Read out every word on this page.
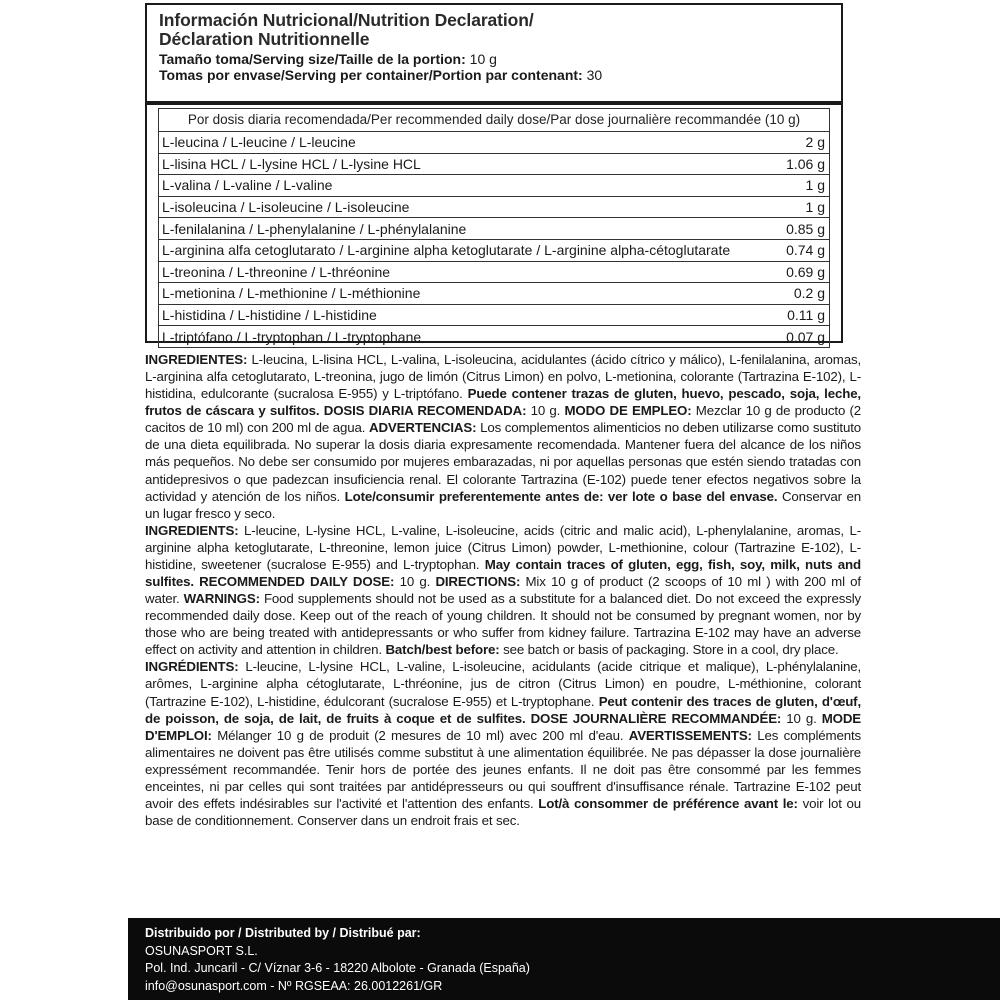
Información Nutricional/Nutrition Declaration/
Déclaration Nutritionnelle
Tamaño toma/Serving size/Taille de la portion: 10 g
Tomas por envase/Serving per container/Portion par contenant: 30
Por dosis diaria recomendada/Per recommended daily dose/Par dose journalière recommandée (10 g)
L-leucina / L-leucine / L-leucine	2 g
L-lisina HCL / L-lysine HCL / L-lysine HCL	1.06 g
L-valina / L-valine / L-valine	1 g
L-isoleucina / L-isoleucine / L-isoleucine	1 g
L-fenilalanina / L-phenylalanine / L-phénylalanine	0.85 g
L-arginina alfa cetoglutarato / L-arginine alpha ketoglutarate / L-arginine alpha-cétoglutarate	0.74 g
L-treonina / L-threonine / L-thréonine	0.69 g
L-metionina / L-methionine / L-méthionine	0.2 g
L-histidina / L-histidine / L-histidine	0.11 g
L-triptófano / L-tryptophan / L-tryptophane	0.07 g

INGREDIENTES: L-leucina, L-lisina HCL, L-valina, L-isoleucina, acidulantes (ácido cítrico y málico), L-fenilalanina, aromas, L-arginina alfa cetoglutarato, L-treonina, jugo de limón (Citrus Limon) en polvo, L-metionina, colorante (Tartrazina E-102), L-histidina, edulcorante (sucralosa E-955) y L-triptófano. Puede contener trazas de gluten, huevo, pescado, soja, leche, frutos de cáscara y sulfitos. DOSIS DIARIA RECOMENDADA: 10 g. MODO DE EMPLEO: Mezclar 10 g de producto (2 cacitos de 10 ml) con 200 ml de agua. ADVERTENCIAS: Los complementos alimenticios no deben utilizarse como sustituto de una dieta equilibrada. No superar la dosis diaria expresamente recomendada. Mantener fuera del alcance de los niños más pequeños. No debe ser consumido por mujeres embarazadas, ni por aquellas personas que estén siendo tratadas con antidepresivos o que padezcan insuficiencia renal. El colorante Tartrazina (E-102) puede tener efectos negativos sobre la actividad y atención de los niños. Lote/consumir preferentemente antes de: ver lote o base del envase. Conservar en un lugar fresco y seco.

INGREDIENTS: L-leucine, L-lysine HCL, L-valine, L-isoleucine, acids (citric and malic acid), L-phenylalanine, aromas, L-arginine alpha ketoglutarate, L-threonine, lemon juice (Citrus Limon) powder, L-methionine, colour (Tartrazine E-102), L-histidine, sweetener (sucralose E-955) and L-tryptophan. May contain traces of gluten, egg, fish, soy, milk, nuts and sulfites. RECOMMENDED DAILY DOSE: 10 g. DIRECTIONS: Mix 10 g of product (2 scoops of 10 ml ) with 200 ml of water. WARNINGS: Food supplements should not be used as a substitute for a balanced diet. Do not exceed the expressly recommended daily dose. Keep out of the reach of young children. It should not be consumed by pregnant women, nor by those who are being treated with antidepressants or who suffer from kidney failure. Tartrazina E-102 may have an adverse effect on activity and attention in children. Batch/best before: see batch or basis of packaging. Store in a cool, dry place.

INGRÉDIENTS: L-leucine, L-lysine HCL, L-valine, L-isoleucine, acidulants (acide citrique et malique), L-phénylalanine, arômes, L-arginine alpha cétoglutarate, L-thréonine, jus de citron (Citrus Limon) en poudre, L-méthionine, colorant (Tartrazine E-102), L-histidine, édulcorant (sucralose E-955) et L-tryptophane. Peut contenir des traces de gluten, d'œuf, de poisson, de soja, de lait, de fruits à coque et de sulfites. DOSE JOURNALIÈRE RECOMMANDÉE: 10 g. MODE D'EMPLOI: Mélanger 10 g de produit (2 mesures de 10 ml) avec 200 ml d'eau. AVERTISSEMENTS: Les compléments alimentaires ne doivent pas être utilisés comme substitut à une alimentation équilibrée. Ne pas dépasser la dose journalière expressément recommandée. Tenir hors de portée des jeunes enfants. Il ne doit pas être consommé par les femmes enceintes, ni par celles qui sont traitées par antidépresseurs ou qui souffrent d'insuffisance rénale. Tartrazine E-102 peut avoir des effets indésirables sur l'activité et l'attention des enfants. Lot/à consommer de préférence avant le: voir lot ou base de conditionnement. Conserver dans un endroit frais et sec.

Distribuido por / Distributed by / Distribué par:
OSUNASPORT S.L.
Pol. Ind. Juncaril - C/ Víznar 3-6 - 18220 Albolote - Granada (España)
info@osunasport.com - Nº RGSEAA: 26.0012261/GR
